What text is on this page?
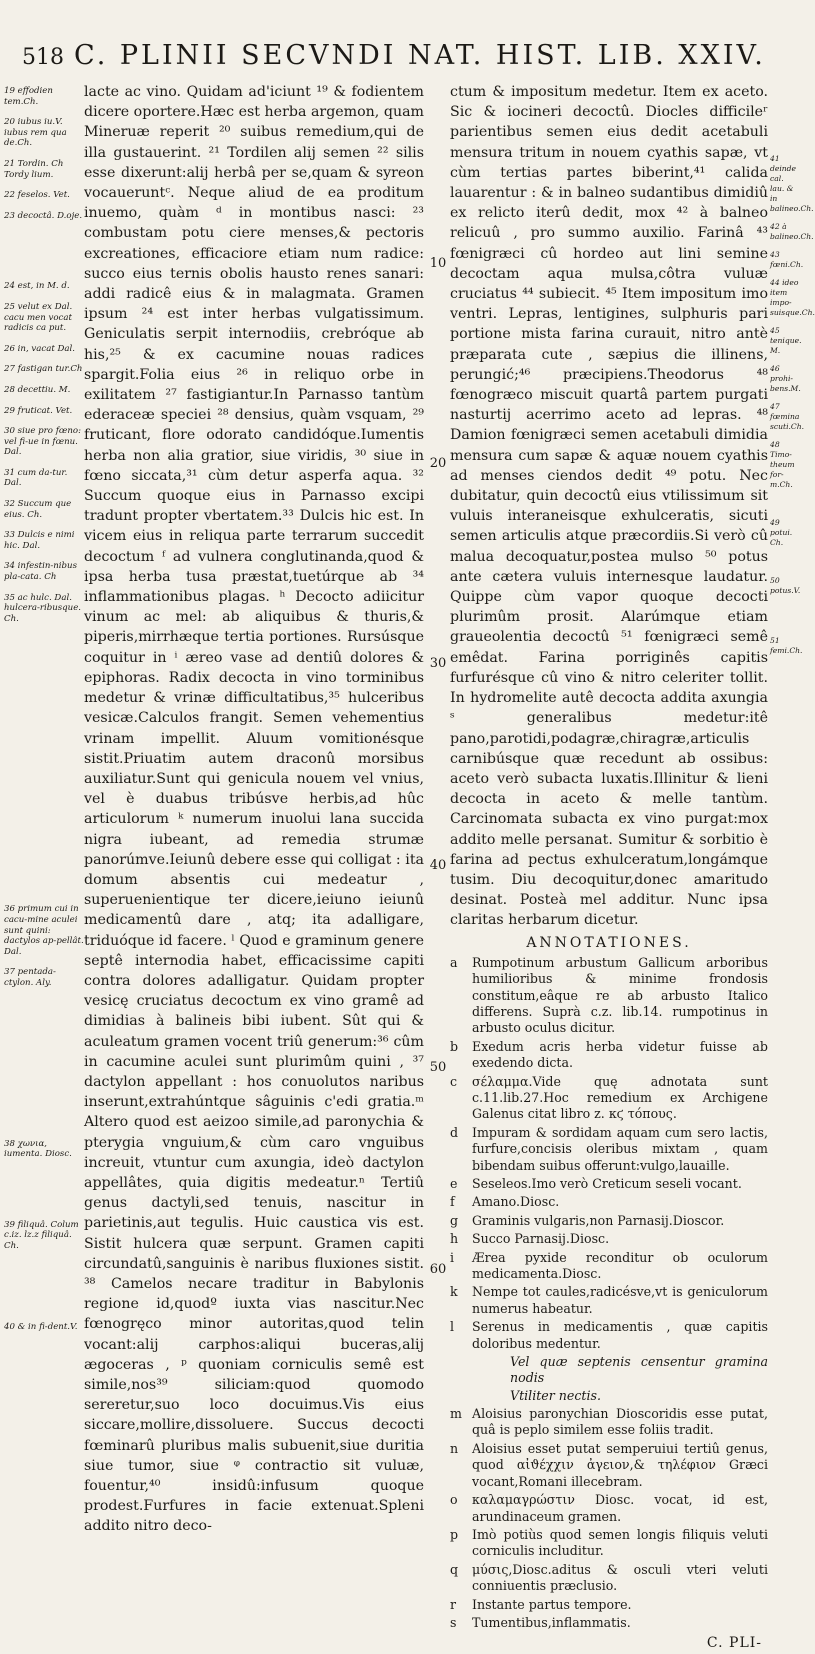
518 C. PLINII SECVNDI NAT. HIST. LIB. XXIV.
19 effodien tem.Ch.
20 iubus iu.V. iubus rem qua de.Ch.
21 Tordin. Ch Tordy lium.
22 feselos. Vet.
23 decoctâ. D.oje.
24 est, in M. d.
25 velut ex Dal. cacu men vocat radicis ca put.
26 in, vacat Dal.
27 fastigan tur.Ch
28 decettiu. M.
29 fruticat. Vet.
30 siue pro fœno: vel fi-ue in fœnu. Dal.
31 cum da-tur. Dal.
32 Succum que eius. Ch.
33 Dulcis e nimi hic. Dal.
34 infestin-nibus pla-cata. Ch
35 ac hulc. Dal. hulcera-ribusque. Ch.
36 primum cui in cacu-mine aculei sunt quini: dactylos ap-pellât. Dal.
37 pentada-ctylon. Aly.
38 χωνια, iumenta. Diosc.
39 filiquâ. Colum c.iz. lz.z filiquâ. Ch.
40 & in fi-dent.V.

lacte ac vino. Quidam ad'iciunt ¹⁹ & fodientem dicere oportere.Hæc est herba argemon, quam Mineruæ reperit ²⁰ suibus remedium,qui de illa gustauerint. ²¹ Tordilen alij semen ²² silis esse dixerunt:alij herbâ per se,quam & syreon vocaueruntᶜ. Neque aliud de ea proditum inuemo, quàm ᵈ in montibus nasci: ²³ combustam potu ciere menses,& pectoris excreationes, efficaciore etiam num radice: succo eius ternis obolis hausto renes sanari: addi radicê eius & in malagmata. Gramen ipsum ²⁴ est inter herbas vulgatissimum. Geniculatis serpit internodiis, crebróque ab his,²⁵ & ex cacumine nouas radices spargit.Folia eius ²⁶ in reliquo orbe in exilitatem ²⁷ fastigiantur.In Parnasso tantùm ederaceæ speciei ²⁸ densius, quàm vsquam, ²⁹ fruticant, flore odorato candidóque.Iumentis herba non alia gratior, siue viridis, ³⁰ siue in fœno siccata,³¹ cùm detur asperfa aqua. ³² Succum quoque eius in Parnasso excipi tradunt propter vbertatem.³³ Dulcis hic est. In vicem eius in reliqua parte terrarum succedit decoctum ᶠ ad vulnera conglutinanda,quod & ipsa herba tusa præstat,tuetúrque ab ³⁴ inflammationibus plagas. ʰ Decocto adiicitur vinum ac mel: ab aliquibus & thuris,& piperis,mirrhæque tertia portiones. Rursúsque coquitur in ⁱ æreo vase ad dentiû dolores & epiphoras. Radix decocta in vino torminibus medetur & vrinæ difficultatibus,³⁵ hulceribus vesicæ.Calculos frangit. Semen vehementius vrinam impellit. Aluum vomitionésque sistit.Priuatim autem draconû morsibus auxiliatur.Sunt qui genicula nouem vel vnius, vel è duabus tribúsve herbis,ad hûc articulorum ᵏ numerum inuolui lana succida nigra iubeant, ad remedia strumæ panorúmve.Ieiunû debere esse qui colligat : ita domum absentis cui medeatur , superuenientique ter dicere,ieiuno ieiunû medicamentû dare , atq; ita adalligare, triduóque id facere. ˡ Quod e graminum genere septê internodia habet, efficacissime capiti contra dolores adalligatur. Quidam propter vesicę cruciatus decoctum ex vino gramê ad dimidias à balineis bibi iubent. Sût qui & aculeatum gramen vocent triû generum:³⁶ cûm in cacumine aculei sunt plurimûm quini , ³⁷ dactylon appellant : hos conuolutos naribus inserunt,extrahúntque sâguinis c'edi gratia.ᵐ Altero quod est aeizoo simile,ad paronychia & pterygia vnguium,& cùm caro vnguibus increuit, vtuntur cum axungia, ideò dactylon appellâtes, quia digitis medeatur.ⁿ Tertiû genus dactyli,sed tenuis, nascitur in parietinis,aut tegulis. Huic caustica vis est. Sistit hulcera quæ serpunt. Gramen capiti circundatû,sanguinis è naribus fluxiones sistit. ³⁸ Camelos necare traditur in Babylonis regione id,quodº iuxta vias nascitur.Nec fœnogręco minor autoritas,quod telin vocant:alij carphos:aliqui buceras,alij ægoceras , ᵖ quoniam corniculis semê est simile,nos³⁹ siliciam:quod quomodo sereretur,suo loco docuimus.Vis eius siccare,mollire,dissoluere. Succus decocti fœminarû pluribus malis subuenit,siue duritia siue tumor, siue ᵠ contractio sit vuluæ, fouentur,⁴⁰ insidû:infusum quoque prodest.Furfures in facie extenuat.Spleni addito nitro deco-

10
20
30
40
50
60

ctum & impositum medetur. Item ex aceto. Sic & iocineri decoctû. Diocles difficileʳ parientibus semen eius dedit acetabuli mensura tritum in nouem cyathis sapæ, vt cùm tertias partes biberint,⁴¹ calida lauarentur : & in balneo sudantibus dimidiû ex relicto iterû dedit, mox ⁴² à balneo relicuû , pro summo auxilio. Farinâ ⁴³ fœnigræci cû hordeo aut lini semine decoctam aqua mulsa,côtra vuluæ cruciatus ⁴⁴ subiecit. ⁴⁵ Item impositum imo ventri. Lepras, lentigines, sulphuris pari portione mista farina curauit, nitro antè præparata cute , sæpius die illinens, perungić;⁴⁶ præcipiens.Theodorus ⁴⁸ fœnogræco miscuit quartâ partem purgati nasturtij acerrimo aceto ad lepras. ⁴⁸ Damion fœnigræci semen acetabuli dimidia mensura cum sapæ & aquæ nouem cyathis ad menses ciendos dedit ⁴⁹ potu. Nec dubitatur, quin decoctû eius vtilissimum sit vuluis interaneisque exhulceratis, sicuti semen articulis atque præcordiis.Si verò cû malua decoquatur,postea mulso ⁵⁰ potus ante cætera vuluis internesque laudatur. Quippe cùm vapor quoque decocti plurimûm prosit. Alarúmque etiam graueolentia decoctû ⁵¹ fœnigræci semê emêdat. Farina porriginês capitis furfurésque cû vino & nitro celeriter tollit. In hydromelite autê decocta addita axungia ˢ generalibus medetur:itê pano,parotidi,podagræ,chiragræ,articulis carnibúsque quæ recedunt ab ossibus: aceto verò subacta luxatis.Illinitur & lieni decocta in aceto & melle tantùm. Carcinomata subacta ex vino purgat:mox addito melle persanat. Sumitur & sorbitio è farina ad pectus exhulceratum,longámque tusim. Diu decoquitur,donec amaritudo desinat. Posteà mel additur. Nunc ipsa claritas herbarum dicetur.

ANNOTATIONES.
a	Rumpotinum arbustum Gallicum arboribus humilioribus & minime frondosis constitum,eâque re ab arbusto Italico differens. Suprà c.z. lib.14. rumpotinus in arbusto oculus dicitur.
b	Exedum acris herba videtur fuisse ab exedendo dicta.
c	σέλαμμα.Vide quę adnotata sunt c.11.lib.27.Hoc remedium ex Archigene Galenus citat libro z. κϛ τόπους.
d	Impuram & sordidam aquam cum sero lactis, furfure,concisis oleribus mixtam , quam bibendam suibus offerunt:vulgo,lauaille.
e	Seseleos.Imo verò Creticum seseli vocant.
f	Amano.Diosc.
g	Graminis vulgaris,non Parnasij.Dioscor.
h	Succo Parnasij.Diosc.
i	Ærea pyxide reconditur ob oculorum medicamenta.Diosc.
k	Nempe tot caules,radicésve,vt is geniculorum numerus habeatur.
l	Serenus in medicamentis , quæ capitis doloribus medentur.
Vel quæ septenis censentur gramina nodis
Vtiliter nectis.
m Aloisius paronychian Dioscoridis esse putat, quâ is peplo similem esse foliis tradit.
n	Aloisius esset putat semperuiui tertiû genus, quod αἰϑέχχιν ἀγειον,& τηλέφιον Græci vocant,Romani illecebram.
o	καλαμαγρώστιν Diosc. vocat, id est, arundinaceum gramen.
p	Imò potiùs quod semen longis filiquis veluti corniculis includitur.
q	μύσις,Diosc.aditus & osculi vteri veluti conniuentis præclusio.
r	Instante partus tempore.
s	Tumentibus,inflammatis.
C. PLI-
41 deinde cal. lau. & in balineo.Ch.
42 à balineo.Ch.
43 fœni.Ch.
44 ideo item impo-suisque.Ch.
45 tenique. M.
46 prohi-bens.M.
47 fœmina scuti.Ch.
48 Timo-theum for-m.Ch.
49 potui. Ch.
50 potus.V.
51 femi.Ch.
